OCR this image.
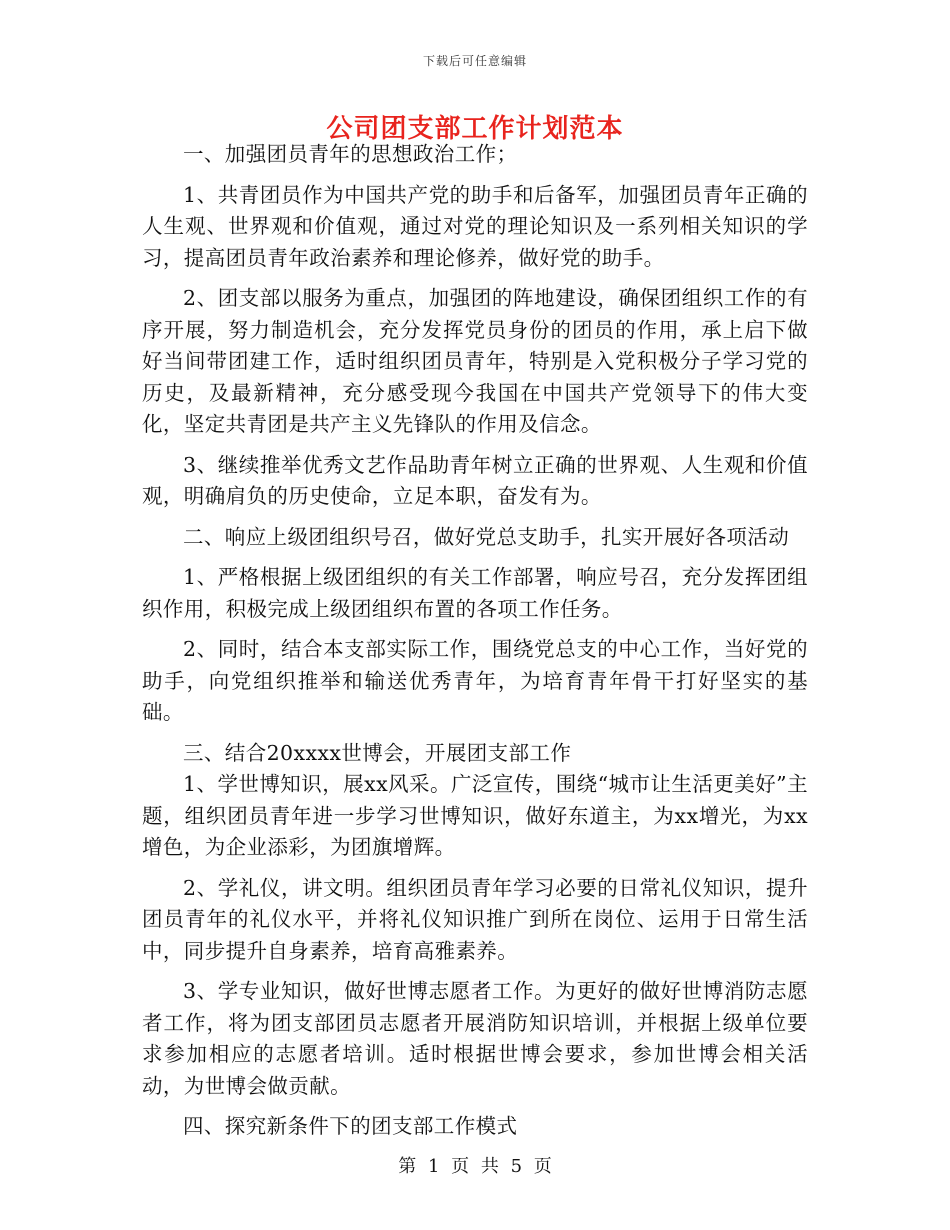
下载后可任意编辑
公司团支部工作计划范本

一、加强团员青年的思想政治工作；

1、共青团员作为中国共产党的助手和后备军，加强团员青年正确的人生观、世界观和价值观，通过对党的理论知识及一系列相关知识的学习，提高团员青年政治素养和理论修养，做好党的助手。

2、团支部以服务为重点，加强团的阵地建设，确保团组织工作的有序开展，努力制造机会，充分发挥党员身份的团员的作用，承上启下做好当间带团建工作，适时组织团员青年，特别是入党积极分子学习党的历史，及最新精神，充分感受现今我国在中国共产党领导下的伟大变化，坚定共青团是共产主义先锋队的作用及信念。

3、继续推举优秀文艺作品助青年树立正确的世界观、人生观和价值观，明确肩负的历史使命，立足本职，奋发有为。

二、响应上级团组织号召，做好党总支助手，扎实开展好各项活动

1、严格根据上级团组织的有关工作部署，响应号召，充分发挥团组织作用，积极完成上级团组织布置的各项工作任务。

2、同时，结合本支部实际工作，围绕党总支的中心工作，当好党的助手，向党组织推举和输送优秀青年，为培育青年骨干打好坚实的基础。

三、结合20xxxx世博会，开展团支部工作

1、学世博知识，展xx风采。广泛宣传，围绕“城市让生活更美好”主题，组织团员青年进一步学习世博知识，做好东道主，为xx增光，为xx增色，为企业添彩，为团旗增辉。

2、学礼仪，讲文明。组织团员青年学习必要的日常礼仪知识，提升团员青年的礼仪水平，并将礼仪知识推广到所在岗位、运用于日常生活中，同步提升自身素养，培育高雅素养。

3、学专业知识，做好世博志愿者工作。为更好的做好世博消防志愿者工作，将为团支部团员志愿者开展消防知识培训，并根据上级单位要求参加相应的志愿者培训。适时根据世博会要求，参加世博会相关活动，为世博会做贡献。

四、探究新条件下的团支部工作模式

第 1 页 共 5 页
